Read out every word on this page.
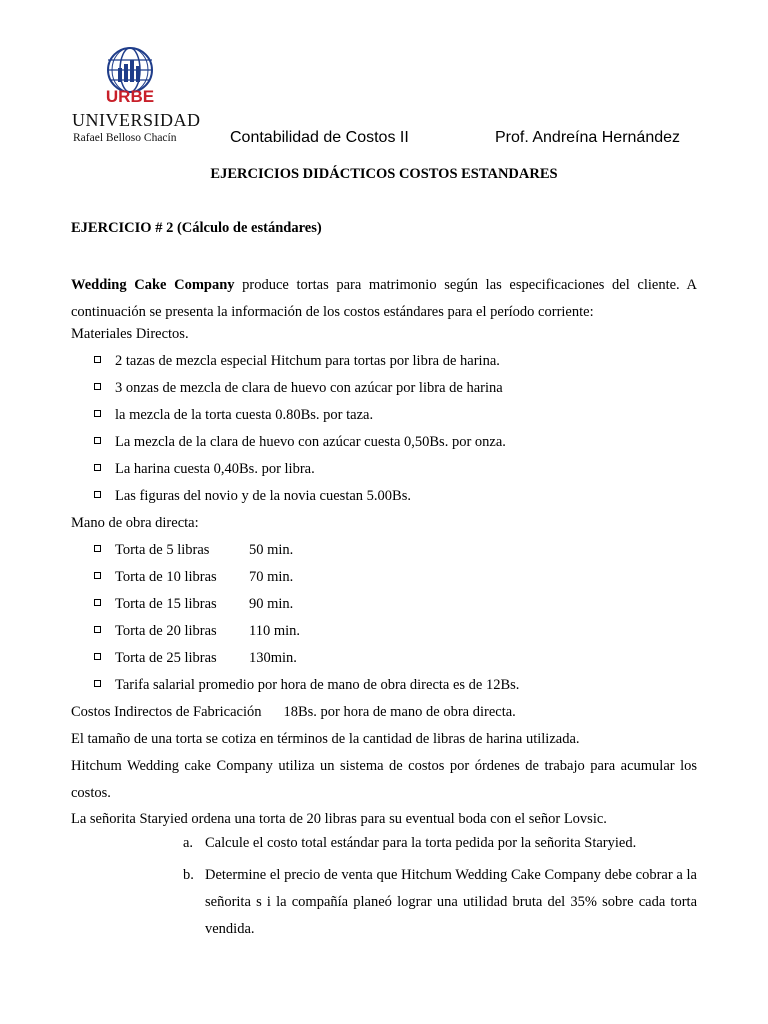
URBE
UNIVERSIDAD
Rafael Belloso Chacín	Contabilidad de Costos II	Prof. Andreína Hernández
EJERCICIOS DIDÁCTICOS COSTOS ESTANDARES
EJERCICIO # 2 (Cálculo de estándares)
Wedding Cake Company produce tortas para matrimonio según las especificaciones del cliente. A continuación se presenta la información de los costos estándares para el período corriente:
Materiales Directos.
2 tazas de mezcla especial Hitchum para tortas por libra de harina.
3 onzas de mezcla de clara de huevo con azúcar por libra de harina
la mezcla de la torta cuesta 0.80Bs. por taza.
La mezcla de la clara de huevo con azúcar cuesta 0,50Bs. por onza.
La harina cuesta 0,40Bs. por libra.
Las figuras del novio y de la novia cuestan 5.00Bs.
Mano de obra directa:
Torta de 5 libras	50 min.
Torta de 10 libras 70 min.
Torta de 15 libras 90 min.
Torta de 20 libras 110 min.
Torta de 25 libras 130min.
Tarifa salarial promedio por hora de mano de obra directa es de 12Bs.
Costos Indirectos de Fabricación 18Bs. por hora de mano de obra directa.
El tamaño de una torta se cotiza en términos de la cantidad de libras de harina utilizada.
Hitchum Wedding cake Company utiliza un sistema de costos por órdenes de trabajo para acumular los costos.
La señorita Staryied ordena una torta de 20 libras para su eventual boda con el señor Lovsic.
a. Calcule el costo total estándar para la torta pedida por la señorita Staryied.
b. Determine el precio de venta que Hitchum Wedding Cake Company debe cobrar a la señorita s i la compañía planeó lograr una utilidad bruta del 35% sobre cada torta vendida.
